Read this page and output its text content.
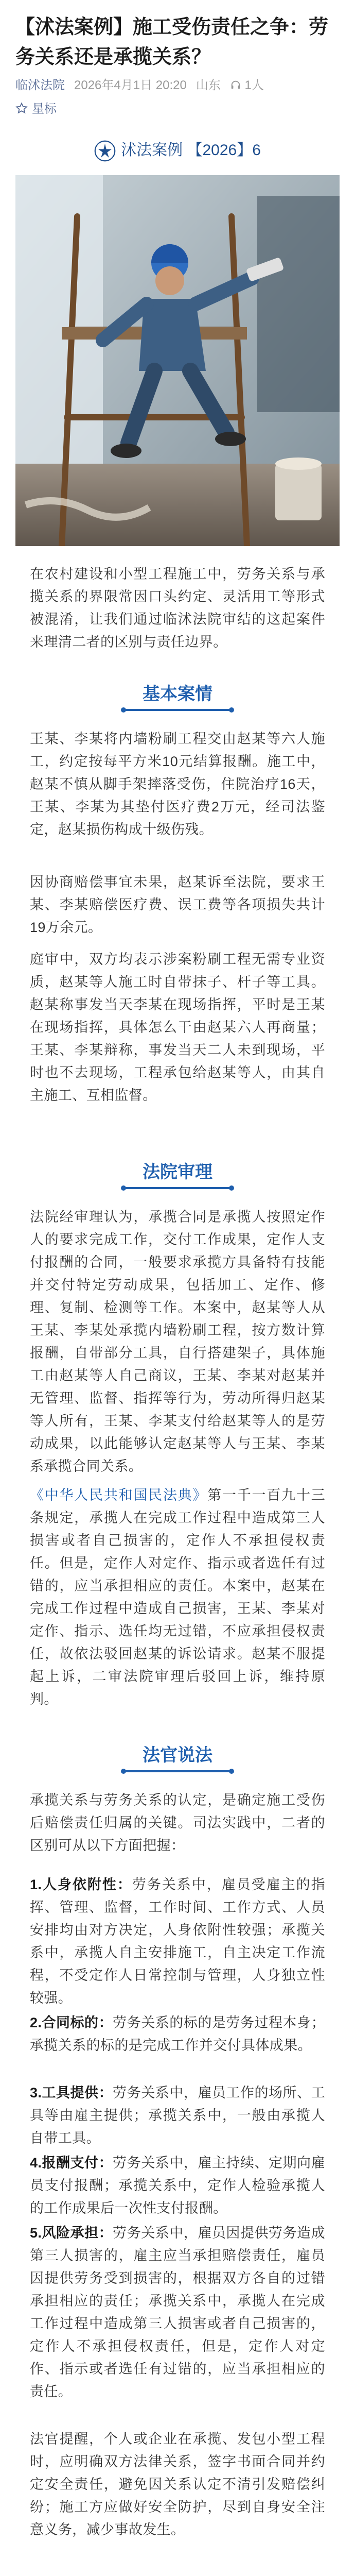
【沭法案例】施工受伤责任之争：劳务关系还是承揽关系？
临沭法院 2026年4月1日 20:20 山东 1人
星标
沭法案例 【2026】6
在农村建设和小型工程施工中，劳务关系与承揽关系的界限常因口头约定、灵活用工等形式被混淆，让我们通过临沭法院审结的这起案件来理清二者的区别与责任边界。
基本案情
王某、李某将内墙粉刷工程交由赵某等六人施工，约定按每平方米10元结算报酬。施工中，赵某不慎从脚手架摔落受伤，住院治疗16天，王某、李某为其垫付医疗费2万元，经司法鉴定，赵某损伤构成十级伤残。
因协商赔偿事宜未果，赵某诉至法院，要求王某、李某赔偿医疗费、误工费等各项损失共计19万余元。
庭审中，双方均表示涉案粉刷工程无需专业资质，赵某等人施工时自带抹子、杆子等工具。赵某称事发当天李某在现场指挥，平时是王某在现场指挥，具体怎么干由赵某六人再商量；王某、李某辩称，事发当天二人未到现场，平时也不去现场，工程承包给赵某等人，由其自主施工、互相监督。
法院审理
法院经审理认为，承揽合同是承揽人按照定作人的要求完成工作，交付工作成果，定作人支付报酬的合同，一般要求承揽方具备特有技能并交付特定劳动成果，包括加工、定作、修理、复制、检测等工作。本案中，赵某等人从王某、李某处承揽内墙粉刷工程，按方数计算报酬，自带部分工具，自行搭建架子，具体施工由赵某等人自己商议，王某、李某对赵某并无管理、监督、指挥等行为，劳动所得归赵某等人所有，王某、李某支付给赵某等人的是劳动成果，以此能够认定赵某等人与王某、李某系承揽合同关系。
《中华人民共和国民法典》第一千一百九十三条规定，承揽人在完成工作过程中造成第三人损害或者自己损害的，定作人不承担侵权责任。但是，定作人对定作、指示或者选任有过错的，应当承担相应的责任。本案中，赵某在完成工作过程中造成自己损害，王某、李某对定作、指示、选任均无过错，不应承担侵权责任，故依法驳回赵某的诉讼请求。赵某不服提起上诉，二审法院审理后驳回上诉，维持原判。
法官说法
承揽关系与劳务关系的认定，是确定施工受伤后赔偿责任归属的关键。司法实践中，二者的区别可从以下方面把握：
1.人身依附性：劳务关系中，雇员受雇主的指挥、管理、监督，工作时间、工作方式、人员安排均由对方决定，人身依附性较强；承揽关系中，承揽人自主安排施工，自主决定工作流程，不受定作人日常控制与管理，人身独立性较强。
2.合同标的：劳务关系的标的是劳务过程本身；承揽关系的标的是完成工作并交付具体成果。
3.工具提供：劳务关系中，雇员工作的场所、工具等由雇主提供；承揽关系中，一般由承揽人自带工具。
4.报酬支付：劳务关系中，雇主持续、定期向雇员支付报酬；承揽关系中，定作人检验承揽人的工作成果后一次性支付报酬。
5.风险承担：劳务关系中，雇员因提供劳务造成第三人损害的，雇主应当承担赔偿责任，雇员因提供劳务受到损害的，根据双方各自的过错承担相应的责任；承揽关系中，承揽人在完成工作过程中造成第三人损害或者自己损害的，定作人不承担侵权责任，但是，定作人对定作、指示或者选任有过错的，应当承担相应的责任。
法官提醒，个人或企业在承揽、发包小型工程时，应明确双方法律关系，签字书面合同并约定安全责任，避免因关系认定不清引发赔偿纠纷；施工方应做好安全防护，尽到自身安全注意义务，减少事故发生。
